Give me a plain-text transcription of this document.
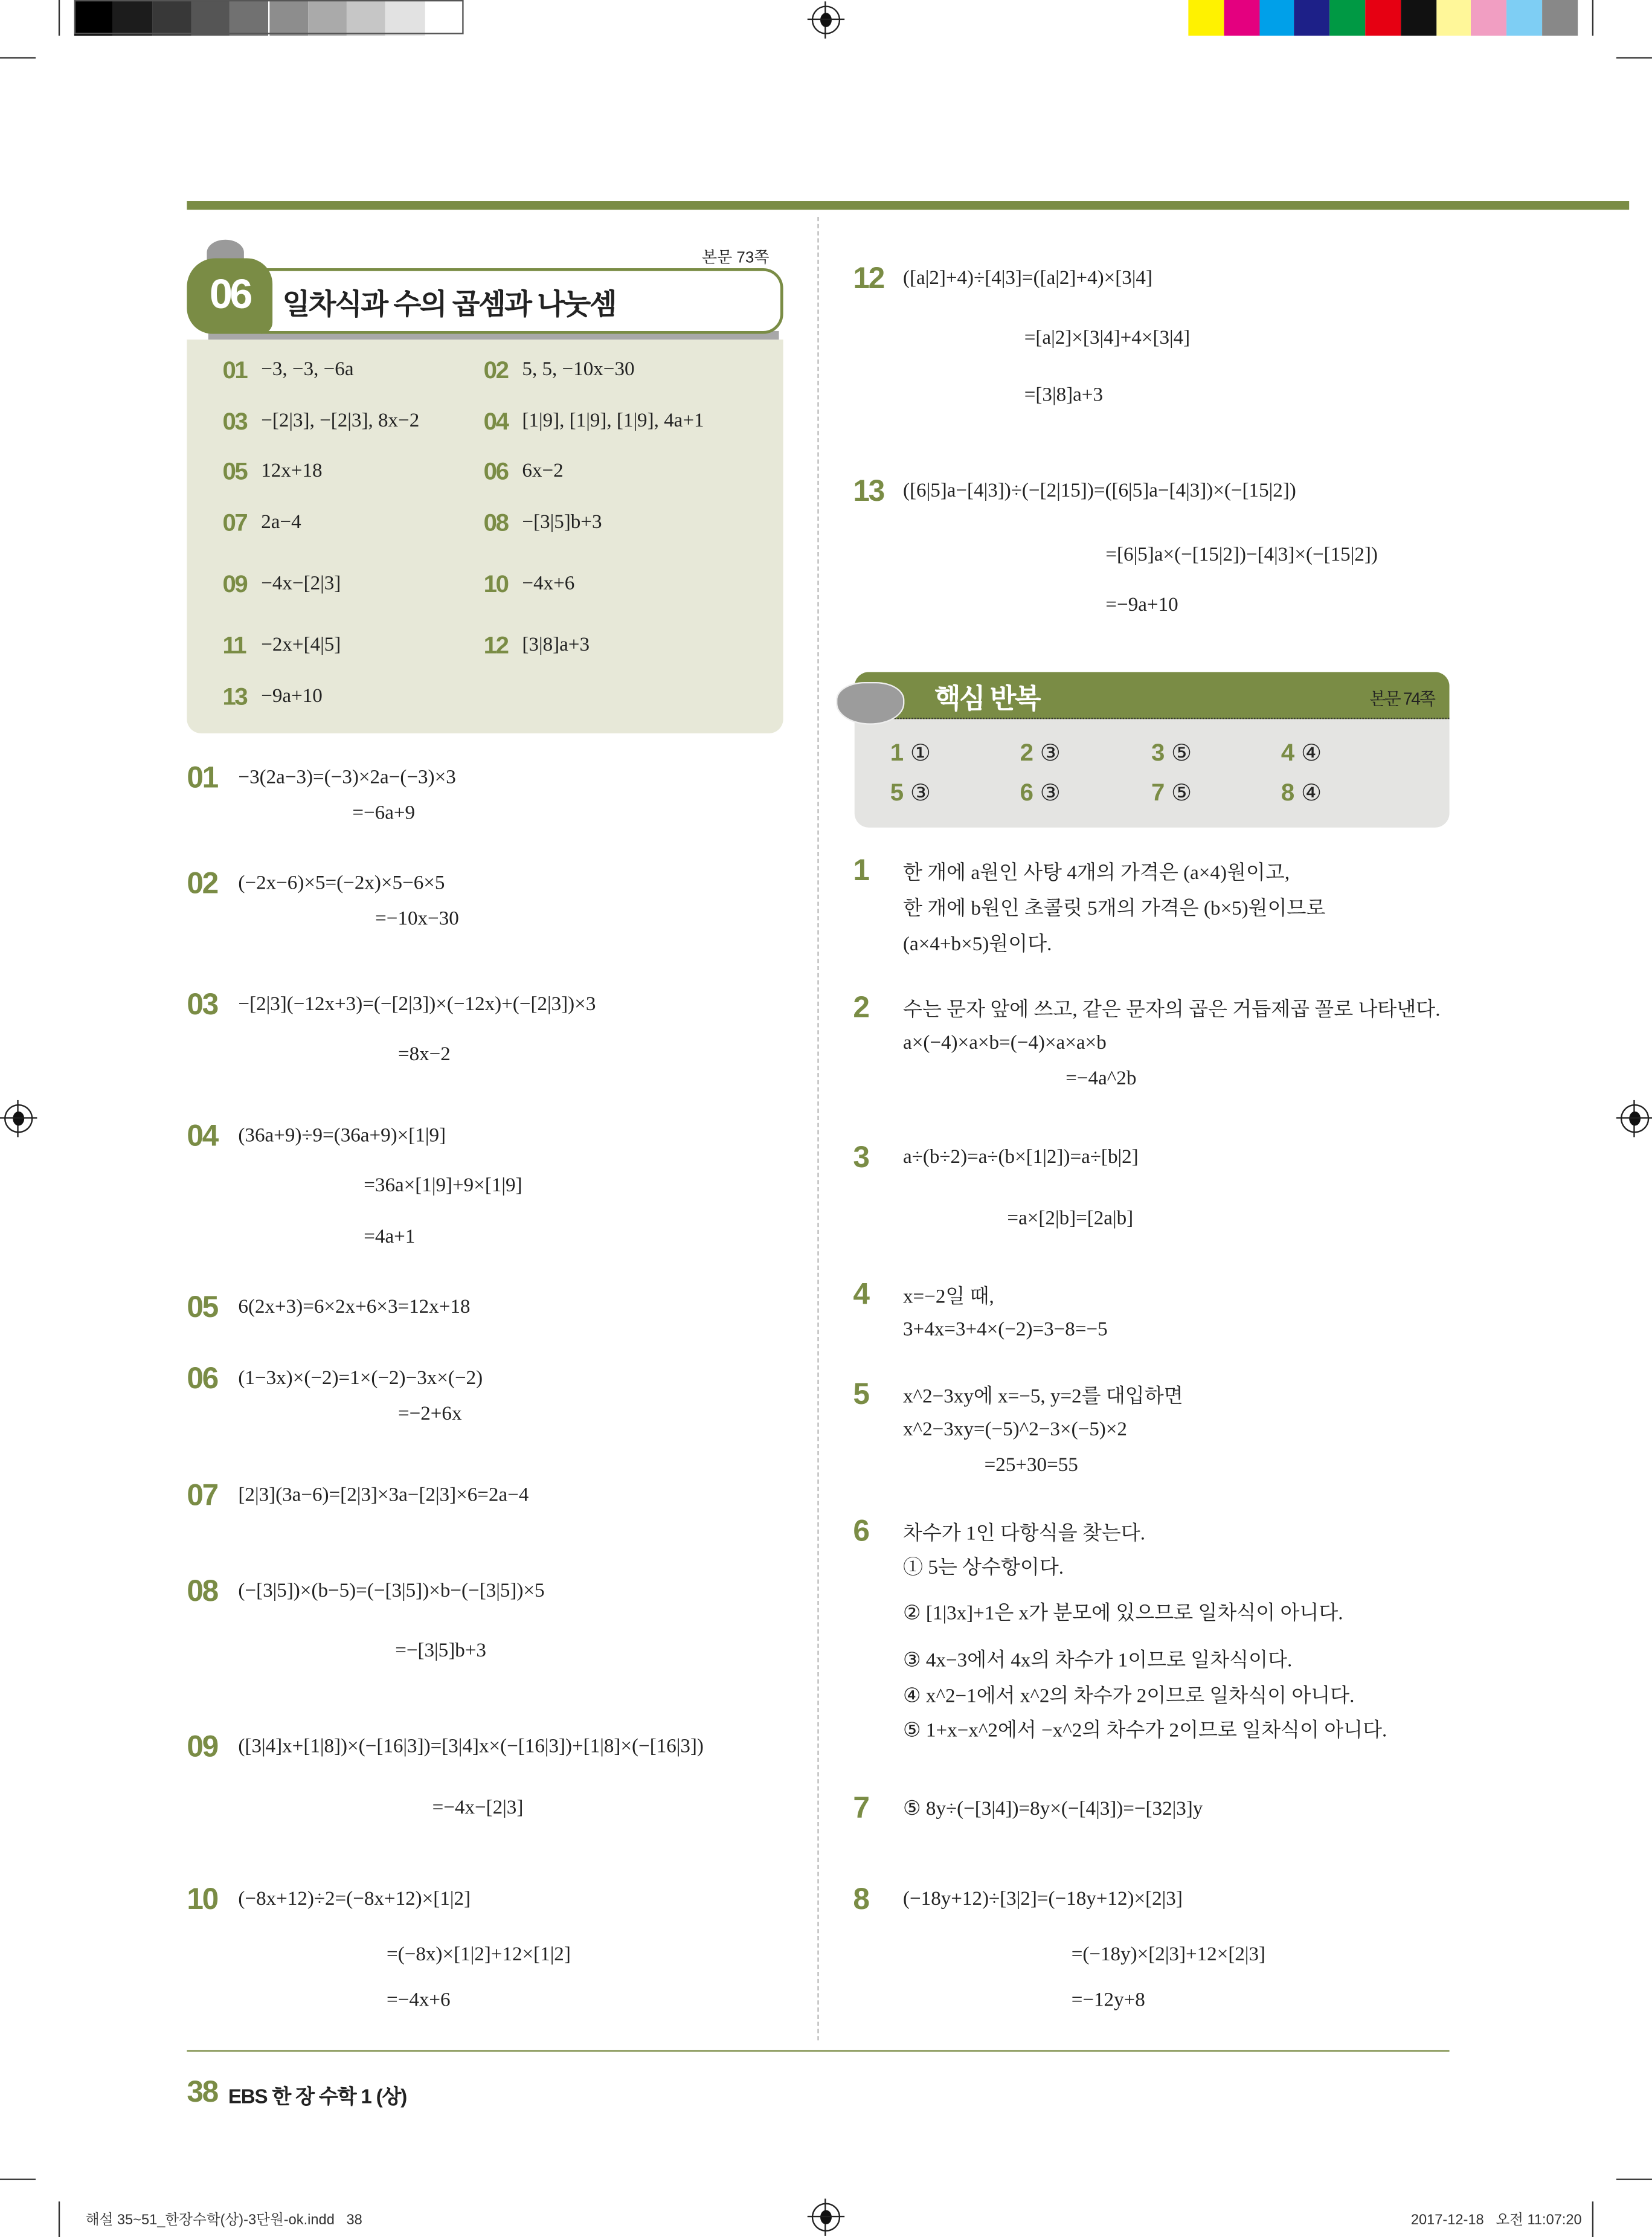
본문 73쪽
06	일차식과 수의 곱셈과 나눗셈
핵심 반복	본문 74쪽
38 EBS 한 장 수학 1 (상)
해설 35~51_한장수학(상)-3단원-ok.indd   38	2017-12-18   오전 11:07:20
01 −3, −3, −6a	02 5, 5, −10x−30
03 −[2|3], −[2|3], 8x−2	04 [1|9], [1|9], [1|9], 4a+1
05 12x+18	06 6x−2
07 2a−4	08 −[3|5]b+3
09 −4x−[2|3]	10 −4x+6
11 −2x+[4|5]	12 [3|8]a+3
13 −9a+10
01 −3(2a−3)=(−3)×2a−(−3)×3
=−6a+9
02 (−2x−6)×5=(−2x)×5−6×5
=−10x−30
03 −[2|3](−12x+3)=(−[2|3])×(−12x)+(−[2|3])×3
=8x−2
04 (36a+9)÷9=(36a+9)×[1|9]
=36a×[1|9]+9×[1|9]
=4a+1
05 6(2x+3)=6×2x+6×3=12x+18
06 (1−3x)×(−2)=1×(−2)−3x×(−2)
=−2+6x
07 [2|3](3a−6)=[2|3]×3a−[2|3]×6=2a−4
08 (−[3|5])×(b−5)=(−[3|5])×b−(−[3|5])×5
=−[3|5]b+3
09 ([3|4]x+[1|8])×(−[16|3])=[3|4]x×(−[16|3])+[1|8]×(−[16|3])
=−4x−[2|3]
10 (−8x+12)÷2=(−8x+12)×[1|2]
=(−8x)×[1|2]+12×[1|2]
=−4x+6
12 ([a|2]+4)÷[4|3]=([a|2]+4)×[3|4]
=[a|2]×[3|4]+4×[3|4]
=[3|8]a+3
13 ([6|5]a−[4|3])÷(−[2|15])=([6|5]a−[4|3])×(−[15|2])
=[6|5]a×(−[15|2])−[4|3]×(−[15|2])
=−9a+10
1	한 개에 a원인 사탕 4개의 가격은 (a×4)원이고,
한 개에 b원인 초콜릿 5개의 가격은 (b×5)원이므로
(a×4+b×5)원이다.
2	수는 문자 앞에 쓰고, 같은 문자의 곱은 거듭제곱 꼴로 나타낸다.
a×(−4)×a×b=(−4)×a×a×b
=−4a^2b
3	a÷(b÷2)=a÷(b×[1|2])=a÷[b|2]
=a×[2|b]=[2a|b]
4	x=−2일 때,
3+4x=3+4×(−2)=3−8=−5
5	x^2−3xy에 x=−5, y=2를 대입하면
x^2−3xy=(−5)^2−3×(−5)×2
=25+30=55
6	차수가 1인 다항식을 찾는다.
① 5는 상수항이다.
② [1|3x]+1은 x가 분모에 있으므로 일차식이 아니다.
③ 4x−3에서 4x의 차수가 1이므로 일차식이다.
④ x^2−1에서 x^2의 차수가 2이므로 일차식이 아니다.
⑤ 1+x−x^2에서 −x^2의 차수가 2이므로 일차식이 아니다.
7	⑤ 8y÷(−[3|4])=8y×(−[4|3])=−[32|3]y
8	(−18y+12)÷[3|2]=(−18y+12)×[2|3]
=(−18y)×[2|3]+12×[2|3]
=−12y+8
1 ①	2 ③	3 ⑤	4 ④
5 ③	6 ③	7 ⑤	8 ④
